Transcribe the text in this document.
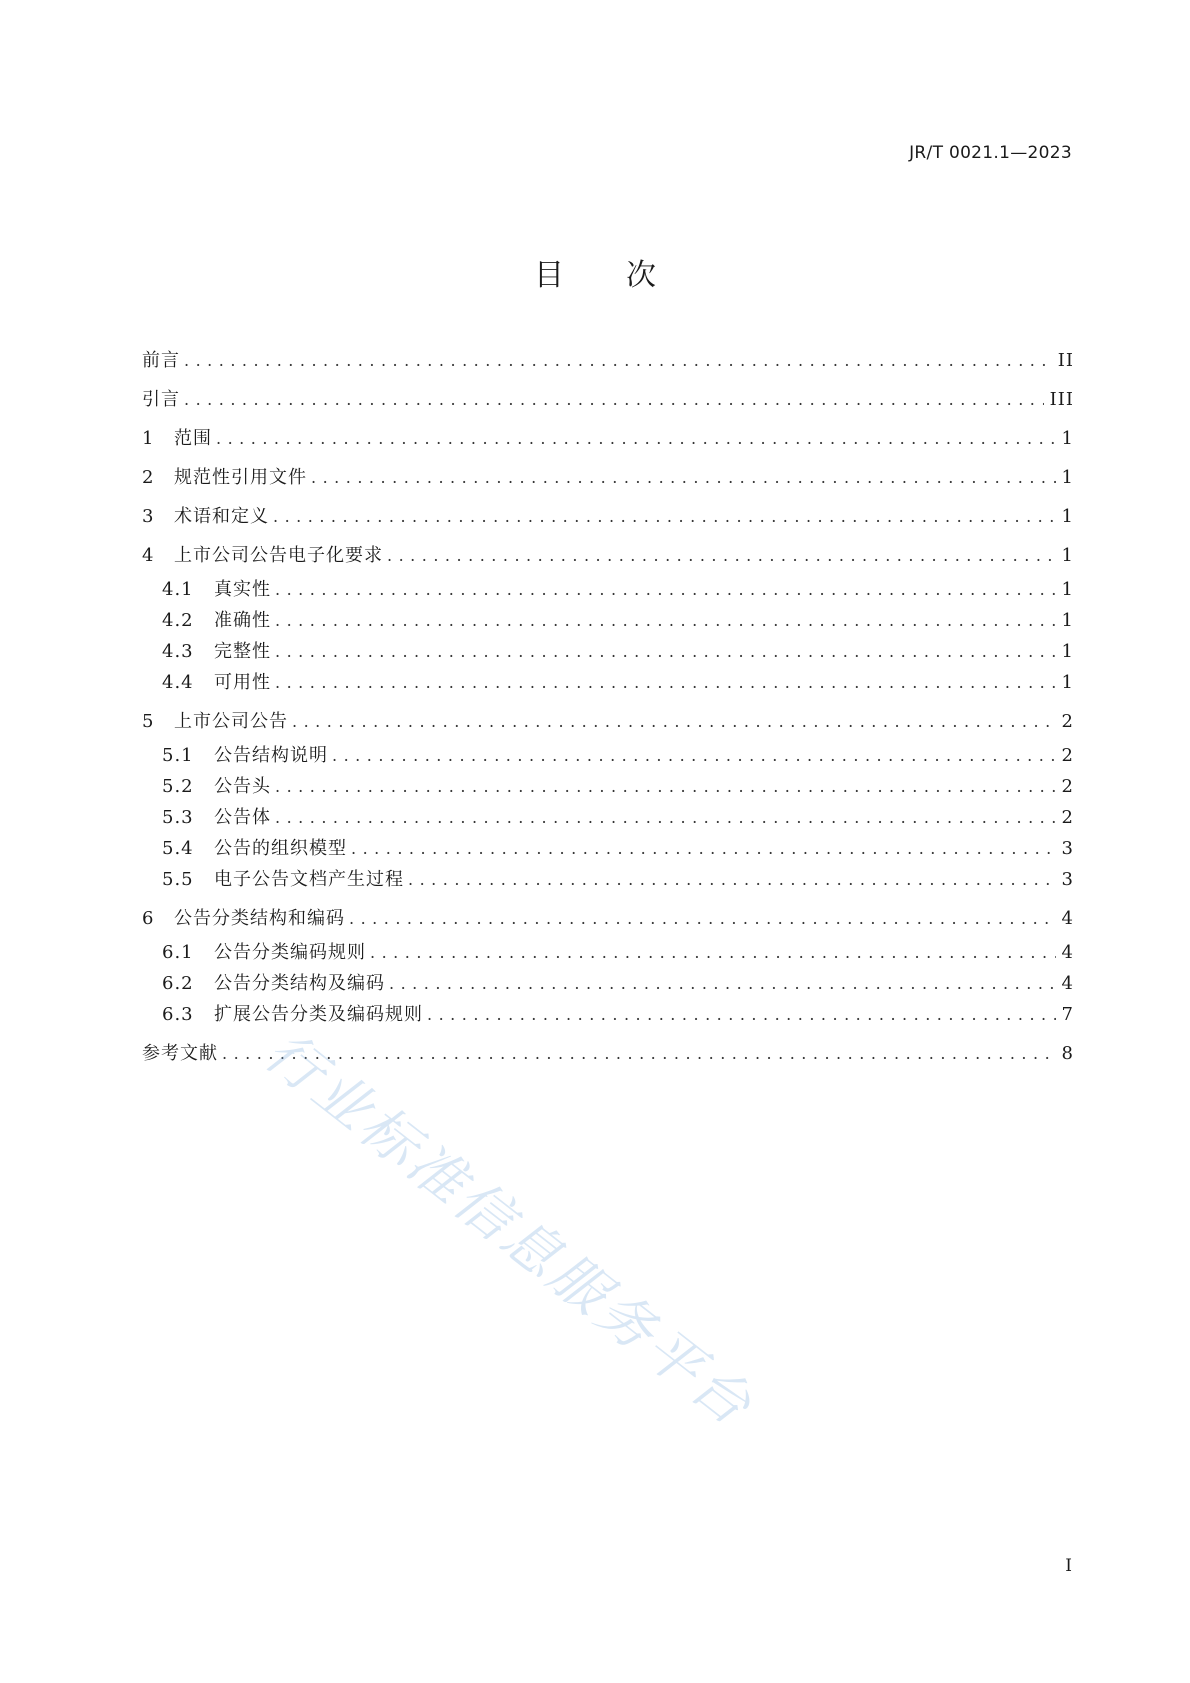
JR/T 0021.1—2023
目 次
前言 .....	II
引言 .....	III
1	范围 .....	1
2	规范性引用文件 .....	1
3	术语和定义 .....	1
4	上市公司公告电子化要求 .....	1
4.1	真实性 .....	1
4.2	准确性 .....	1
4.3	完整性 .....	1
4.4	可用性 .....	1
5	上市公司公告 .....	2
5.1	公告结构说明 .....	2
5.2	公告头 .....	2
5.3	公告体 .....	2
5.4	公告的组织模型 .....	3
5.5	电子公告文档产生过程 .....	3
6	公告分类结构和编码 .....	4
6.1	公告分类编码规则 .....	4
6.2	公告分类结构及编码 .....	4
6.3	扩展公告分类及编码规则 .....	7
参考文献 .....	8
I
行业标准信息服务平台
